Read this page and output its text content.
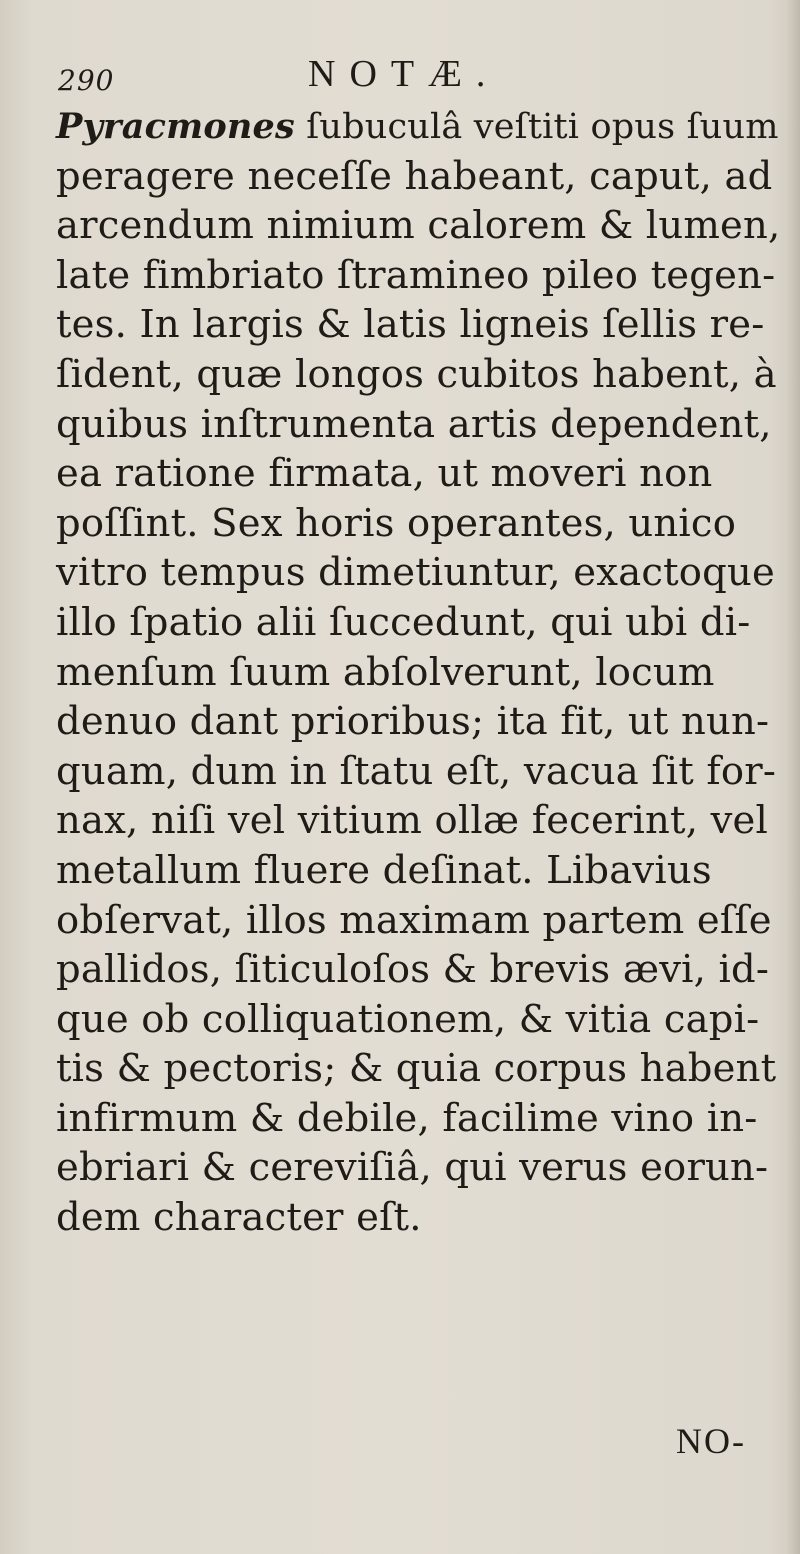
290	NOTÆ.
Pyracmones ſubuculâ veſtiti opus ſuum
peragere neceſſe habeant, caput, ad
arcendum nimium calorem & lumen,
late fimbriato ſtramineo pileo tegen-
tes. In largis & latis ligneis ſellis re-
ſident, quæ longos cubitos habent, à
quibus inſtrumenta artis dependent,
ea ratione firmata, ut moveri non
poſſint. Sex horis operantes, unico
vitro tempus dimetiuntur, exactoque
illo ſpatio alii ſuccedunt, qui ubi di-
menſum ſuum abſolverunt, locum
denuo dant prioribus; ita fit, ut nun-
quam, dum in ſtatu eſt, vacua ſit for-
nax, niſi vel vitium ollæ fecerint, vel
metallum fluere deſinat. Libavius
obſervat, illos maximam partem eſſe
pallidos, ſiticuloſos & brevis ævi, id-
que ob colliquationem, & vitia capi-
tis & pectoris; & quia corpus habent
infirmum & debile, facilime vino in-
ebriari & cereviſiâ, qui verus eorun-
dem character eſt.
NO-
